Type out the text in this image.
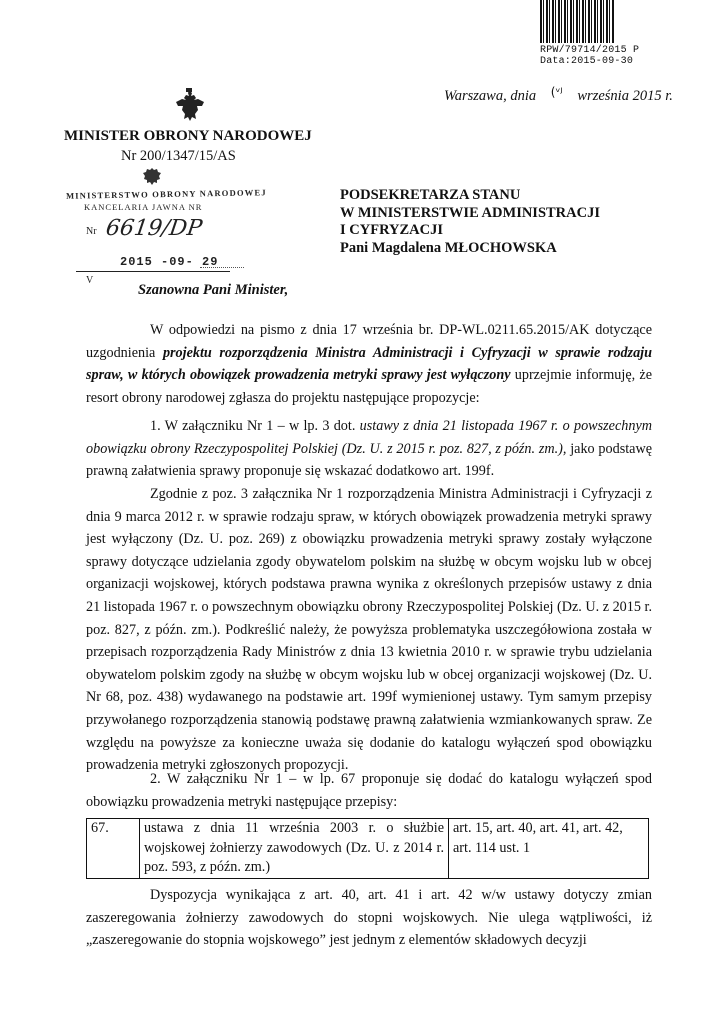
RPW/79714/2015 P
Data:2015-09-30
Warszawa, dnia (ᵛᴶ września 2015 r.
MINISTER OBRONY NARODOWEJ
Nr 200/1347/15/AS
MINISTERSTWO OBRONY NARODOWEJ
KANCELARIA JAWNA NR
Nr 6619/DP
2015 -09- 29
V
PODSEKRETARZA STANU
W MINISTERSTWIE ADMINISTRACJI
I CYFRYZACJI
Pani Magdalena MŁOCHOWSKA
Szanowna Pani Minister,
W odpowiedzi na pismo z dnia 17 września br. DP-WL.0211.65.2015/AK dotyczące uzgodnienia projektu rozporządzenia Ministra Administracji i Cyfryzacji w sprawie rodzaju spraw, w których obowiązek prowadzenia metryki sprawy jest wyłączony uprzejmie informuję, że resort obrony narodowej zgłasza do projektu następujące propozycje:
1. W załączniku Nr 1 – w lp. 3 dot. ustawy z dnia 21 listopada 1967 r. o powszechnym obowiązku obrony Rzeczypospolitej Polskiej (Dz. U. z 2015 r. poz. 827, z późn. zm.), jako podstawę prawną załatwienia sprawy proponuje się wskazać dodatkowo art. 199f.
Zgodnie z poz. 3 załącznika Nr 1 rozporządzenia Ministra Administracji i Cyfryzacji z dnia 9 marca 2012 r. w sprawie rodzaju spraw, w których obowiązek prowadzenia metryki sprawy jest wyłączony (Dz. U. poz. 269) z obowiązku prowadzenia metryki sprawy zostały wyłączone sprawy dotyczące udzielania zgody obywatelom polskim na służbę w obcym wojsku lub w obcej organizacji wojskowej, których podstawa prawna wynika z określonych przepisów ustawy z dnia 21 listopada 1967 r. o powszechnym obowiązku obrony Rzeczypospolitej Polskiej (Dz. U. z 2015 r. poz. 827, z późn. zm.). Podkreślić należy, że powyższa problematyka uszczegółowiona została w przepisach rozporządzenia Rady Ministrów z dnia 13 kwietnia 2010 r. w sprawie trybu udzielania obywatelom polskim zgody na służbę w obcym wojsku lub w obcej organizacji wojskowej (Dz. U. Nr 68, poz. 438) wydawanego na podstawie art. 199f wymienionej ustawy. Tym samym przepisy przywołanego rozporządzenia stanowią podstawę prawną załatwienia wzmiankowanych spraw. Ze względu na powyższe za konieczne uważa się dodanie do katalogu wyłączeń spod obowiązku prowadzenia metryki zgłoszonych propozycji.
2. W załączniku Nr 1 – w lp. 67 proponuje się dodać do katalogu wyłączeń spod obowiązku prowadzenia metryki następujące przepisy:
67.	ustawa z dnia 11 września 2003 r. o służbie wojskowej żołnierzy zawodowych (Dz. U. z 2014 r. poz. 593, z późn. zm.)	art. 15, art. 40, art. 41, art. 42, art. 114 ust. 1
Dyspozycja wynikająca z art. 40, art. 41 i art. 42 w/w ustawy dotyczy zmian zaszeregowania żołnierzy zawodowych do stopni wojskowych. Nie ulega wątpliwości, iż „zaszeregowanie do stopnia wojskowego” jest jednym z elementów składowych decyzji
